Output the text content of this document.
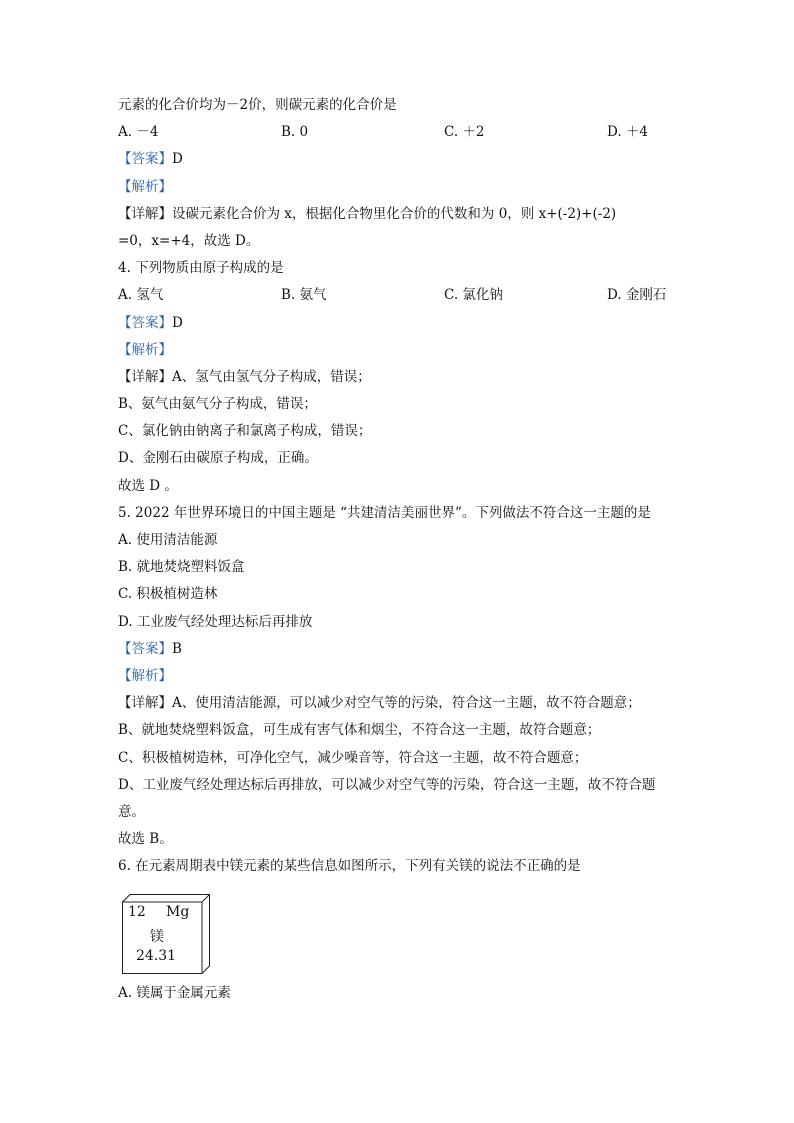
元素的化合价均为－2价，则碳元素的化合价是
A. －4	B. 0	C. ＋2	D. ＋4
【答案】D
【解析】
【详解】设碳元素化合价为 x，根据化合物里化合价的代数和为 0，则 x+(-2)+(-2)
=0，x=+4，故选 D。
4. 下列物质由原子构成的是
A. 氢气	B. 氨气	C. 氯化钠	D. 金刚石
【答案】D
【解析】
【详解】A、氢气由氢气分子构成，错误；
B、氨气由氨气分子构成，错误；
C、氯化钠由钠离子和氯离子构成，错误；
D、金刚石由碳原子构成，正确。
故选 D 。
5. 2022 年世界环境日的中国主题是 “共建清洁美丽世界”。下列做法不符合这一主题的是
A. 使用清洁能源
B. 就地焚烧塑料饭盒
C. 积极植树造林
D. 工业废气经处理达标后再排放
【答案】B
【解析】
【详解】A、使用清洁能源，可以减少对空气等的污染，符合这一主题，故不符合题意；
B、就地焚烧塑料饭盒，可生成有害气体和烟尘，不符合这一主题，故符合题意；
C、积极植树造林，可净化空气，减少噪音等，符合这一主题，故不符合题意；
D、工业废气经处理达标后再排放，可以减少对空气等的污染，符合这一主题，故不符合题
意。
故选 B。
6. 在元素周期表中镁元素的某些信息如图所示，下列有关镁的说法不正确的是
12 Mg
镁
24.31
A. 镁属于金属元素
